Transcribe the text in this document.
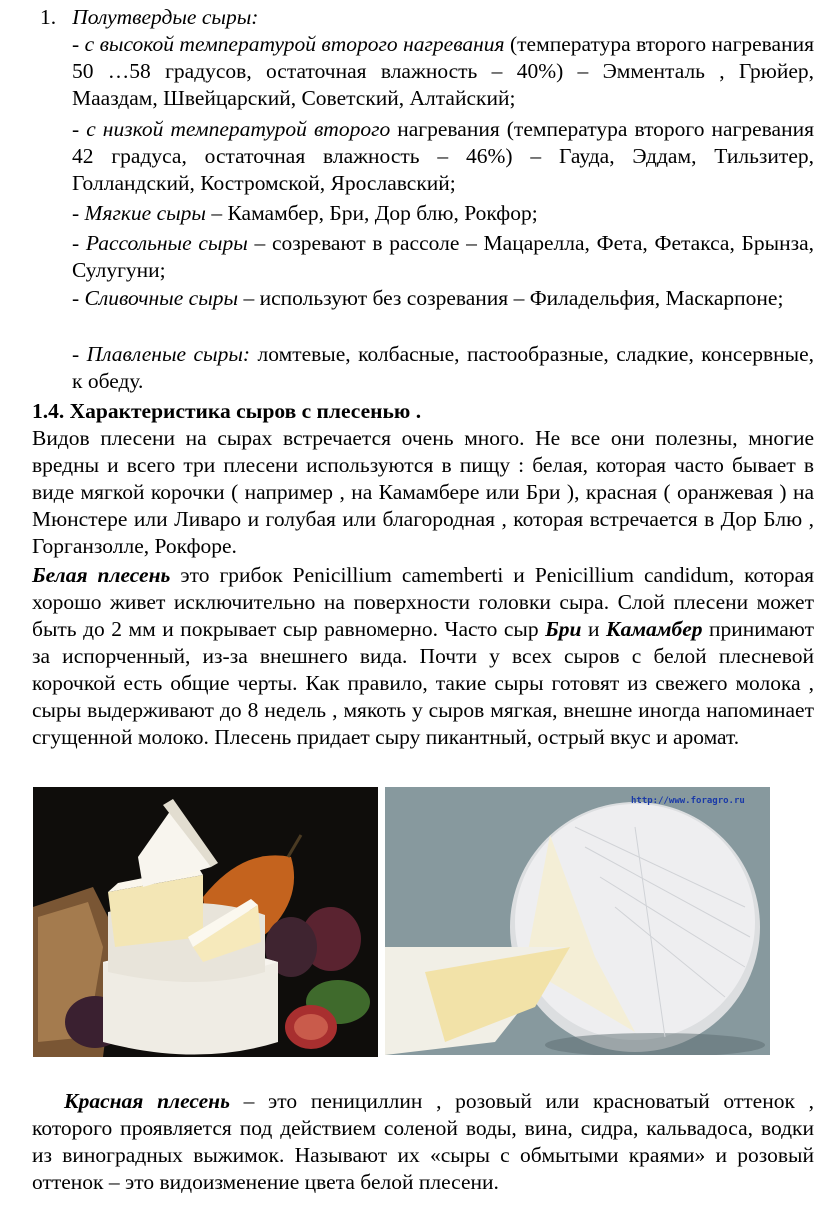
1. Полутвердые сыры:
- с высокой температурой второго нагревания (температура второго нагревания 50 …58 градусов, остаточная влажность – 40%) – Эмменталь , Грюйер, Мааздам, Швейцарский, Советский, Алтайский;
- с низкой температурой второго нагревания (температура второго нагревания 42 градуса, остаточная влажность – 46%) – Гауда, Эддам, Тильзитер, Голландский, Костромской, Ярославский;
- Мягкие сыры – Камамбер, Бри, Дор блю, Рокфор;
- Рассольные сыры – созревают в рассоле – Мацарелла, Фета, Фетакса, Брынза, Сулугуни;
- Сливочные сыры – используют без созревания – Филадельфия, Маскарпоне;
- Плавленые сыры: ломтевые, колбасные, пастообразные, сладкие, консервные, к обеду.
1.4. Характеристика сыров с плесенью .
Видов плесени на сырах встречается очень много. Не все они полезны, многие вредны и всего три плесени используются в пищу : белая, которая часто бывает в виде мягкой корочки ( например , на Камамбере или Бри ), красная ( оранжевая ) на Мюнстере или Ливаро и голубая или благородная , которая встречается в Дор Блю , Горганзолле, Рокфоре.
Белая плесень это грибок Penicillium camemberti и Penicillium candidum, которая хорошо живет исключительно на поверхности головки сыра. Слой плесени может быть до 2 мм и покрывает сыр равномерно. Часто сыр Бри и Камамбер принимают за испорченный, из-за внешнего вида. Почти у всех сыров с белой плесневой корочкой есть общие черты. Как правило, такие сыры готовят из свежего молока , сыры выдерживают до 8 недель , мякоть у сыров мягкая, внешне иногда напоминает сгущенной молоко. Плесень придает сыру пикантный, острый вкус и аромат.
http://www.foragro.ru
Красная плесень – это пенициллин , розовый или красноватый оттенок , которого проявляется под действием соленой воды, вина, сидра, кальвадоса, водки из виноградных выжимок. Называют их «сыры с обмытыми краями» и розовый оттенок – это видоизменение цвета белой плесени.
